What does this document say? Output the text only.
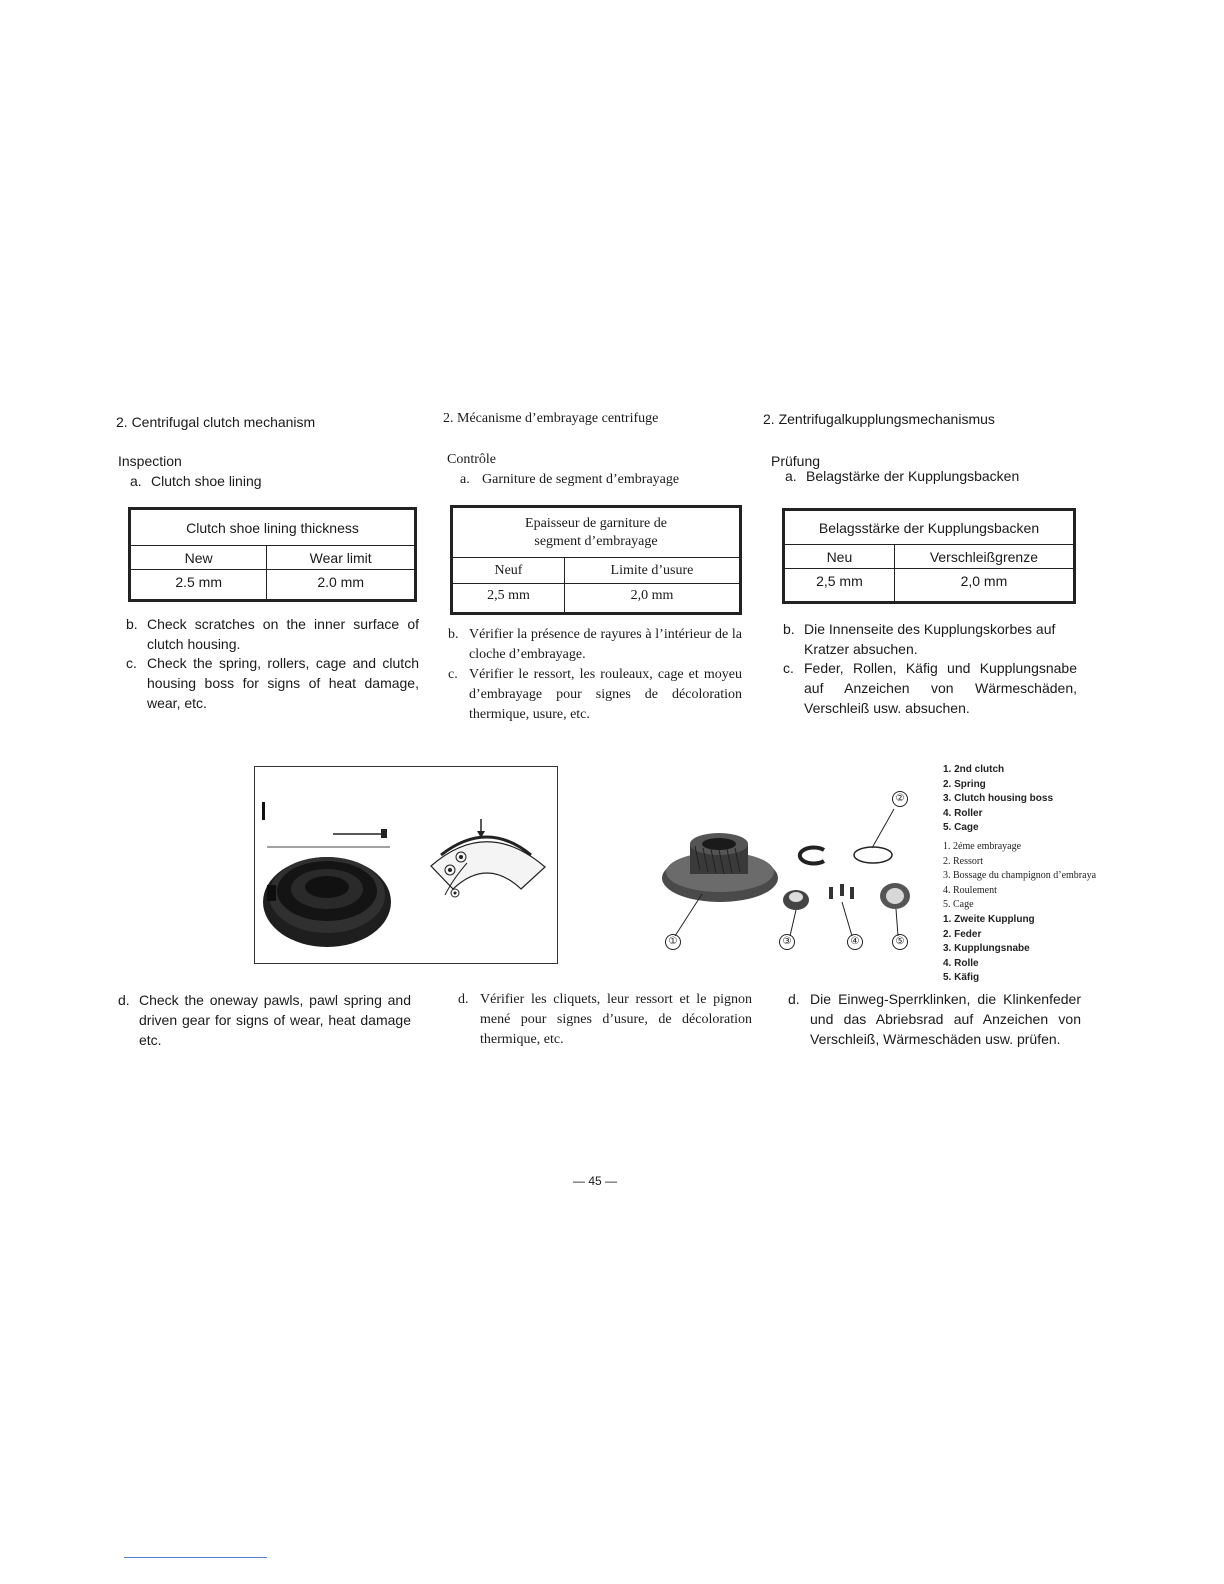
2. Centrifugal clutch mechanism
Inspection
a. Clutch shoe lining
Clutch shoe lining thickness	
New	Wear limit
2.5 mm	2.0 mm
b. Check scratches on the inner surface of clutch housing.
c. Check the spring, rollers, cage and clutch housing boss for signs of heat damage, wear, etc.
2. Mécanisme d’embrayage centrifuge
Contrôle
a. Garniture de segment d’embrayage
Epaisseur de garniture de
segment d’embrayage	
Neuf	Limite d’usure
2,5 mm	2,0 mm
b. Vérifier la présence de rayures à l’intérieur de la cloche d’embrayage.
c. Vérifier le ressort, les rouleaux, cage et moyeu d’embrayage pour signes de décoloration thermique, usure, etc.
2. Zentrifugalkupplungsmechanismus
Prüfung
a. Belagstärke der Kupplungsbacken
Belagsstärke der Kupplungsbacken	
Neu	Verschleißgrenze
2,5 mm	2,0 mm
b. Die Innenseite des Kupplungskorbes auf Kratzer absuchen.
c. Feder, Rollen, Käfig und Kupplungsnabe auf Anzeichen von Wärmeschäden, Verschleiß usw. absuchen.
①
②
③	④	⑤
1. 2nd clutch
2. Spring
3. Clutch housing boss
4. Roller
5. Cage
1. 2éme embrayage
2. Ressort
3. Bossage du champignon d’embraya
4. Roulement
5. Cage
1. Zweite Kupplung
2. Feder
3. Kupplungsnabe
4. Rolle
5. Käfig
d. Check the oneway pawls, pawl spring and driven gear for signs of wear, heat damage etc.
d. Vérifier les cliquets, leur ressort et le pignon mené pour signes d’usure, de décoloration thermique, etc.
d. Die Einweg-Sperrklinken, die Klinkenfeder und das Abriebsrad auf Anzeichen von Verschleiß, Wärmeschäden usw. prüfen.
— 45 —
